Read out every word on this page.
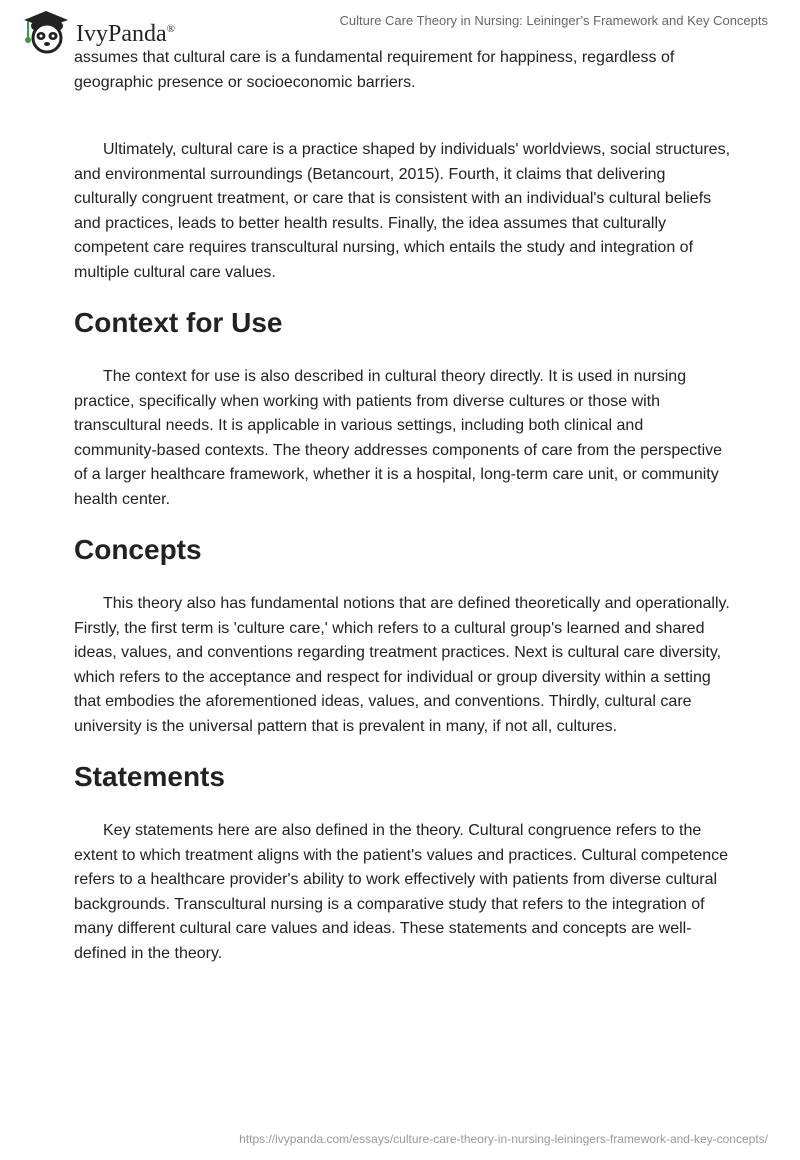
IvyPanda®
Culture Care Theory in Nursing: Leininger’s Framework and Key Concepts

assumes that cultural care is a fundamental requirement for happiness, regardless of geographic presence or socioeconomic barriers.

Ultimately, cultural care is a practice shaped by individuals' worldviews, social structures, and environmental surroundings (Betancourt, 2015). Fourth, it claims that delivering culturally congruent treatment, or care that is consistent with an individual's cultural beliefs and practices, leads to better health results. Finally, the idea assumes that culturally competent care requires transcultural nursing, which entails the study and integration of multiple cultural care values.

Context for Use

The context for use is also described in cultural theory directly. It is used in nursing practice, specifically when working with patients from diverse cultures or those with transcultural needs. It is applicable in various settings, including both clinical and community-based contexts. The theory addresses components of care from the perspective of a larger healthcare framework, whether it is a hospital, long-term care unit, or community health center.

Concepts

This theory also has fundamental notions that are defined theoretically and operationally. Firstly, the first term is 'culture care,' which refers to a cultural group's learned and shared ideas, values, and conventions regarding treatment practices. Next is cultural care diversity, which refers to the acceptance and respect for individual or group diversity within a setting that embodies the aforementioned ideas, values, and conventions. Thirdly, cultural care university is the universal pattern that is prevalent in many, if not all, cultures.

Statements

Key statements here are also defined in the theory. Cultural congruence refers to the extent to which treatment aligns with the patient's values and practices. Cultural competence refers to a healthcare provider's ability to work effectively with patients from diverse cultural backgrounds. Transcultural nursing is a comparative study that refers to the integration of many different cultural care values and ideas. These statements and concepts are well-defined in the theory.

https://ivypanda.com/essays/culture-care-theory-in-nursing-leiningers-framework-and-key-concepts/
